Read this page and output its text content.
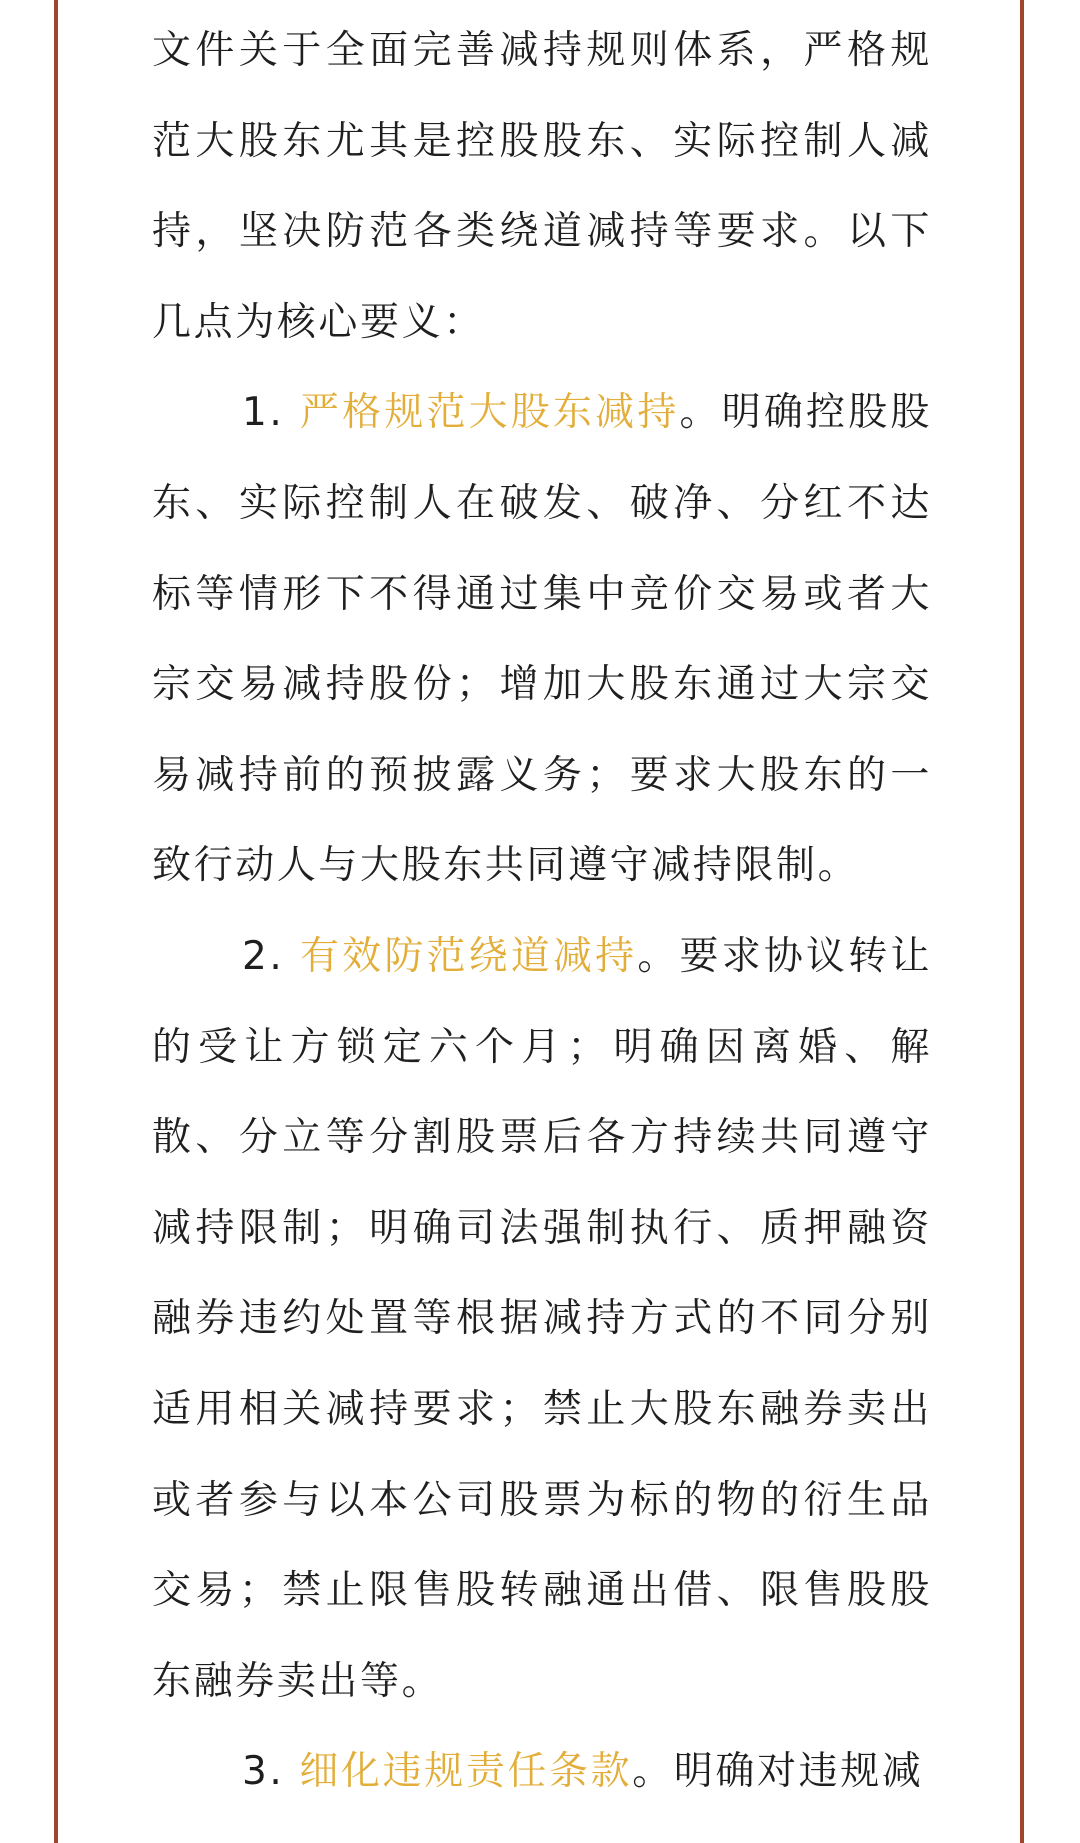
文件关于全面完善减持规则体系，严格规范大股东尤其是控股股东、实际控制人减持，坚决防范各类绕道减持等要求。以下几点为核心要义：

1. 严格规范大股东减持。明确控股股东、实际控制人在破发、破净、分红不达标等情形下不得通过集中竞价交易或者大宗交易减持股份；增加大股东通过大宗交易减持前的预披露义务；要求大股东的一致行动人与大股东共同遵守减持限制。

2. 有效防范绕道减持。要求协议转让的受让方锁定六个月；明确因离婚、解散、分立等分割股票后各方持续共同遵守减持限制；明确司法强制执行、质押融资融券违约处置等根据减持方式的不同分别适用相关减持要求；禁止大股东融券卖出或者参与以本公司股票为标的物的衍生品交易；禁止限售股转融通出借、限售股股东融券卖出等。

3. 细化违规责任条款。明确对违规减
